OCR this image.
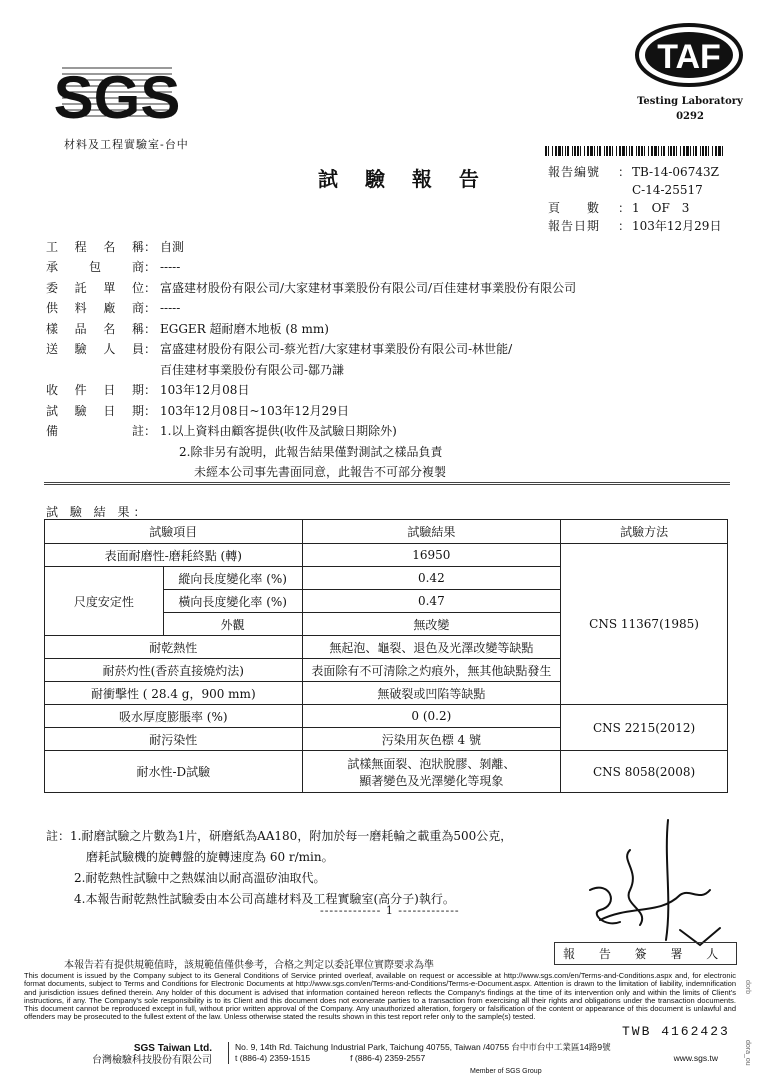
SGS
材料及工程實驗室-台中
TAF
Testing Laboratory
0292
試 驗 報 告	報告編號	： TB-14-06743Z
C-14-25517
頁　　數	： 1　OF　3
報告日期	： 103年12月29日
工 程 名 稱 ： 自測
承	包	商 ： -----
委 託 單 位 ： 富盛建材股份有限公司/大家建材事業股份有限公司/百佳建材事業股份有限公司
供 料 廠 商 ： -----
樣 品 名 稱 ： EGGER 超耐磨木地板 (8 mm)
送 驗 人 員 ： 富盛建材股份有限公司-蔡光哲/大家建材事業股份有限公司-林世能/
百佳建材事業股份有限公司-鄒乃謙
收 件 日 期 ： 103年12月08日
試 驗 日 期 ： 103年12月08日~103年12月29日
備	註 ： 1.以上資料由顧客提供(收件及試驗日期除外)
2.除非另有說明，此報告結果僅對測試之樣品負責
未經本公司事先書面同意，此報告不可部分複製
試 驗 結 果：
試驗項目		試驗結果	試驗方法
表面耐磨性-磨耗終點 (轉)		16950	CNS 11367(1985)
尺度安定性	縱向長度變化率 (%)	0.42	
	橫向長度變化率 (%)	0.47	
	外觀	無改變	
耐乾熱性		無起泡、龜裂、退色及光澤改變等缺點	
耐菸灼性(香菸直接燒灼法)		表面除有不可清除之灼痕外，無其他缺點發生	
耐衝擊性 ( 28.4 g，900 mm)		無破裂或凹陷等缺點	
吸水厚度膨脹率 (%)		0 (0.2)	CNS 2215(2012)
耐污染性		污染用灰色標 4 號	
耐水性-D試驗		試樣無面裂、泡狀脫膠、剝離、
顯著變色及光澤變化等現象	CNS 8058(2008)
註：1.耐磨試驗之片數為1片，研磨紙為AA180，附加於每一磨耗輪之載重為500公克，
磨耗試驗機的旋轉盤的旋轉速度為 60 r/min。
2.耐乾熱性試驗中之熱媒油以耐高溫矽油取代。
4.本報告耐乾熱性試驗委由本公司高雄材料及工程實驗室(高分子)執行。
------------- 1 -------------
報 告 簽 署 人
本報告若有提供規範值時，該規範值僅供參考，合格之判定以委託單位實際要求為準
This document is issued by the Company subject to its General Conditions of Service printed overleaf, available on request or accessible at http://www.sgs.com/en/Terms-and-Conditions.aspx and, for electronic format documents, subject to Terms and Conditions for Electronic Documents at http://www.sgs.com/en/Terms-and-Conditions/Terms-e-Document.aspx. Attention is drawn to the limitation of liability, indemnification and jurisdiction issues defined therein. Any holder of this document is advised that information contained hereon reflects the Company's findings at the time of its intervention only and within the limits of Client's instructions, if any. The Company's sole responsibility is to its Client and this document does not exonerate parties to a transaction from exercising all their rights and obligations under the transaction documents. This document cannot be reproduced except in full, without prior written approval of the Company. Any unauthorized alteration, forgery or falsification of the content or appearance of this document is unlawful and offenders may be prosecuted to the fullest extent of the law. Unless otherwise stated the results shown in this test report refer only to the sample(s) tested.
TWB 4162423
SGS Taiwan Ltd.
台灣檢驗科技股份有限公司
No. 9, 14th Rd. Taichung Industrial Park, Taichung 40755, Taiwan /40755 台中市台中工業區14路9號
t (886-4) 2359-1515	f (886-4) 2359-2557	www.sgs.tw
Member of SGS Group
dora_ou
dorb
